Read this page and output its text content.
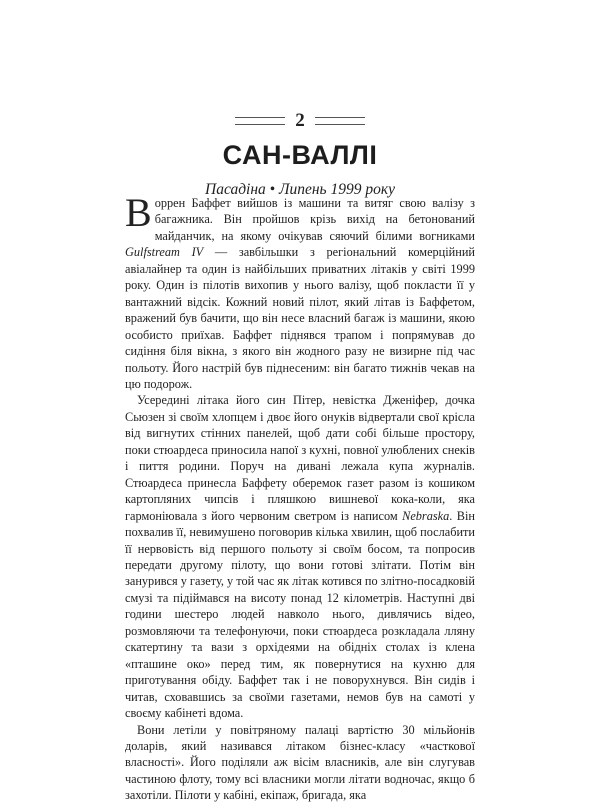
2
САН-ВАЛЛІ
Пасадіна • Липень 1999 року

Воррен Баффет вийшов із машини та витяг свою валізу з багажника. Він пройшов крізь вихід на бетонований майданчик, на якому очікував сяючий білими вогниками Gulfstream IV — завбільшки з регіональний комерційний авіалайнер та один із найбільших приватних літаків у світі 1999 року. Один із пілотів вихопив у нього валізу, щоб покласти її у вантажний відсік. Кожний новий пілот, який літав із Баффетом, вражений був бачити, що він несе власний багаж із машини, якою особисто приїхав. Баффет піднявся трапом і попрямував до сидіння біля вікна, з якого він жодного разу не визирне під час польоту. Його настрій був піднесеним: він багато тижнів чекав на цю подорож.

Усередині літака його син Пітер, невістка Дженіфер, дочка Сьюзен зі своїм хлопцем і двоє його онуків відвертали свої крісла від вигнутих стінних панелей, щоб дати собі більше простору, поки стюардеса приносила напої з кухні, повної улюблених снеків і пиття родини. Поруч на дивані лежала купа журналів. Стюардеса принесла Баффету оберемок газет разом із кошиком картопляних чипсів і пляшкою вишневої кока-коли, яка гармоніювала з його червоним светром із написом Nebraska. Він похвалив її, невимушено поговорив кілька хвилин, щоб послабити її нервовість від першого польоту зі своїм босом, та попросив передати другому пілоту, що вони готові злітати. Потім він занурився у газету, у той час як літак котився по злітно-посадковій смузі та підіймався на висоту понад 12 кілометрів. Наступні дві години шестеро людей навколо нього, дивлячись відео, розмовляючи та телефонуючи, поки стюардеса розкладала лляну скатертину та вази з орхідеями на обідніх столах із клена «пташине око» перед тим, як повернутися на кухню для приготування обіду. Баффет так і не поворухнувся. Він сидів і читав, сховавшись за своїми газетами, немов був на самоті у своєму кабінеті вдома.

Вони летіли у повітряному палаці вартістю 30 мільйонів доларів, який називався літаком бізнес-класу «часткової власності». Його поділяли аж вісім власників, але він слугував частиною флоту, тому всі власники могли літати водночас, якщо б захотіли. Пілоти у кабіні, екіпаж, бригада, яка
